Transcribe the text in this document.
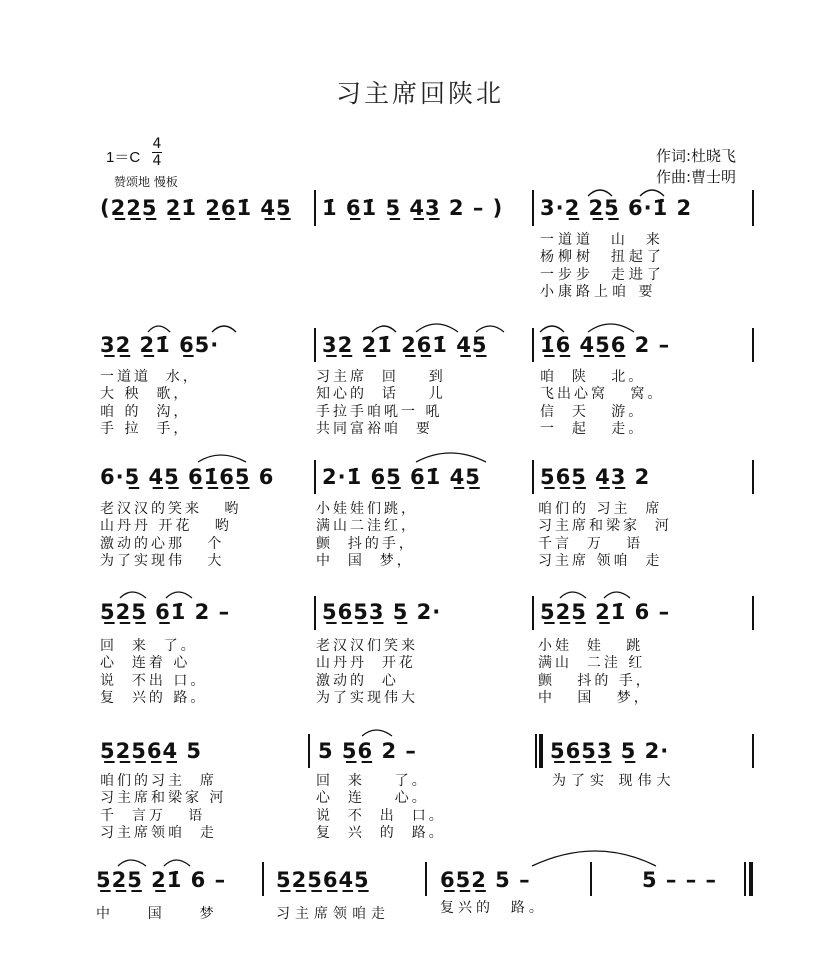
习主席回陕北
1＝C
4
4
赞颂地 慢板
作词:杜晓飞
作曲:曹士明
(2̲2̲5̲ 2̲1̇ 2̲6̲1̇ 4̲5̲ 1̇ 6̲1̇ 5̲ 4̲3̲ 2 – ) 3·2̲ 2̲5̲ 6·1̇ 2
一道道  山  来
杨柳树  扭起了
一步步  走进了
小康路上咱 要
3̲2̲ 2̲1̇ 6̲5·	3̲2̲ 2̲1̇ 2̲6̲1̇ 4̲5̲	1̲̇6̲ 4̲5̲6̲ 2 –
一道道  水，
大 秧  歌，
咱 的  沟，
手 拉  手，
习主席  回    到
知心的  话    儿
手拉手咱吼一 吼
共同富裕咱  要
咱  陕   北。
飞出心窝   窝。
信  天   游。
一  起   走。
6·5̲ 4̲5̲ 6̲1̲̇6̲5̲ 6 2·1̇ 6̲5̲ 6̲1̇ 4̲5̲	5̲6̲5̲ 4̲3̲ 2
老汉汉的笑来   哟
山丹丹 开花   哟
激动的心那   个
为了实现伟   大
小娃娃们跳，
满山二洼红，
颤  抖的手，
中  国  梦，
咱们的 习主  席
习主席和梁家  河
千言  万   语
习主席 领咱  走
5̲2̲5̲ 6̲1̇ 2 –	5̲6̲5̲3̲ 5̲ 2·	5̲2̲5̲ 2̲1̇ 6 –
回  来  了。
心  连着 心
说  不出 口。
复  兴的 路。
老汉汉们笑来
山丹丹  开花
激动的  心
为了实现伟大
小娃  娃   跳
满山  二洼 红
颤   抖的 手，
中   国   梦，
5̲2̲5̲6̲4̲ 5	5 5̲6̲ 2 –	5̲6̲5̲3̲ 5̲ 2·
咱们的习主  席
习主席和梁家 河
千  言万   语
习主席领咱  走
回  来    了。
心  连    心。
说  不  出  口。
复  兴  的  路。
为了实 现伟大
5̲2̲5̲ 2̲1̇ 6 – 5̲2̲5̲6̲4̲5̲	6̲5̲2̲ 5 –	5 – – –
中    国    梦	习主席领咱走	复兴的  路。
